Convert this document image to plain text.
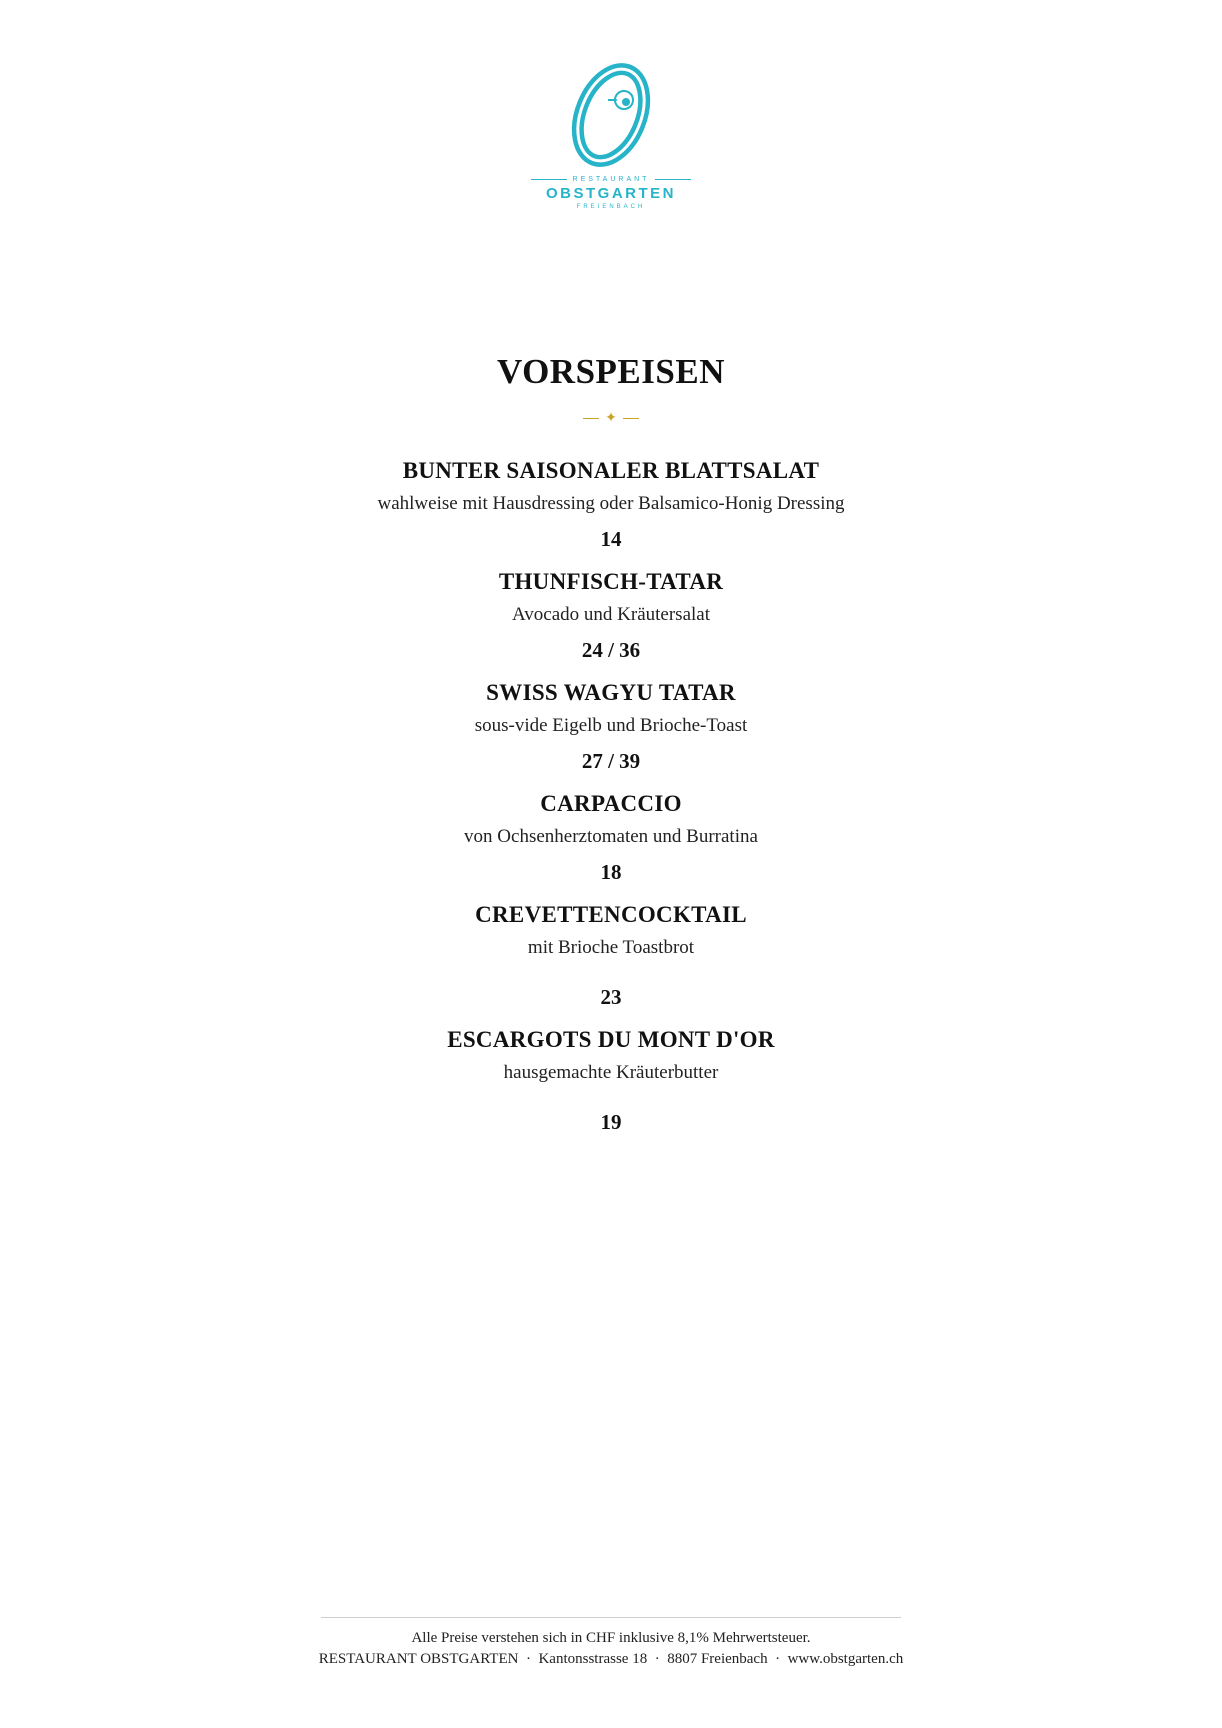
RESTAURANT
OBSTGARTEN
FREIENBACH
VORSPEISEN
✦
BUNTER SAISONALER BLATTSALAT
wahlweise mit Hausdressing oder Balsamico-Honig Dressing
14
THUNFISCH-TATAR
Avocado und Kräutersalat
24 / 36
SWISS WAGYU TATAR
sous-vide Eigelb und Brioche-Toast
27 / 39
CARPACCIO
von Ochsenherztomaten und Burratina
18
CREVETTENCOCKTAIL
mit Brioche Toastbrot
23
ESCARGOTS DU MONT D'OR
hausgemachte Kräuterbutter
19
Alle Preise verstehen sich in CHF inklusive 8,1% Mehrwertsteuer.
RESTAURANT OBSTGARTEN  ·  Kantonsstrasse 18  ·  8807 Freienbach  ·  www.obstgarten.ch
